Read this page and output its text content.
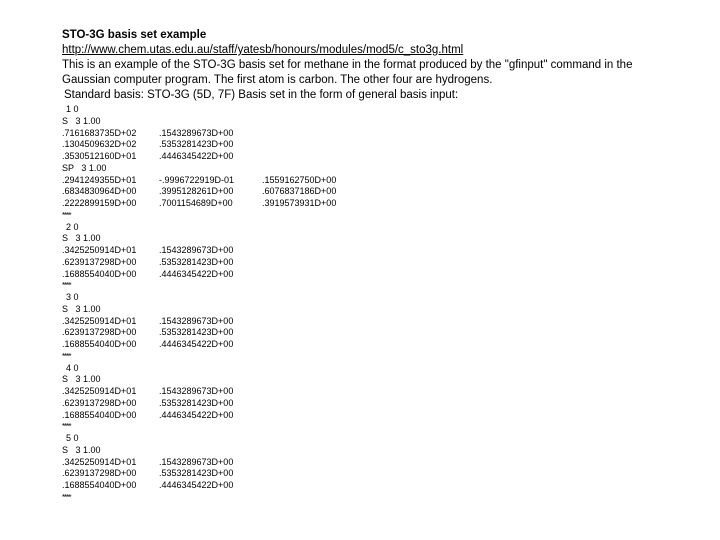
STO-3G basis set example
http://www.chem.utas.edu.au/staff/yatesb/honours/modules/mod5/c_sto3g.html
This is an example of the STO-3G basis set for methane in the format produced by the "gfinput" command in the Gaussian computer program. The first atom is carbon. The other four are hydrogens.
Standard basis: STO-3G (5D, 7F) Basis set in the form of general basis input:
1 0
S   3 1.00
.7161683735D+02	.1543289673D+00
.1304509632D+02	.5353281423D+00
.3530512160D+01	.4446345422D+00
SP   3 1.00
.2941249355D+01	-.9996722919D-01	.1559162750D+00
.6834830964D+00	.3995128261D+00	.6076837186D+00
.2222899159D+00	.7001154689D+00	.3919573931D+00
****
2 0
S   3 1.00
.3425250914D+01	.1543289673D+00
.6239137298D+00	.5353281423D+00
.1688554040D+00	.4446345422D+00
****
3 0
S   3 1.00
.3425250914D+01	.1543289673D+00
.6239137298D+00	.5353281423D+00
.1688554040D+00	.4446345422D+00
****
4 0
S   3 1.00
.3425250914D+01	.1543289673D+00
.6239137298D+00	.5353281423D+00
.1688554040D+00	.4446345422D+00
****
5 0
S   3 1.00
.3425250914D+01	.1543289673D+00
.6239137298D+00	.5353281423D+00
.1688554040D+00	.4446345422D+00
****
